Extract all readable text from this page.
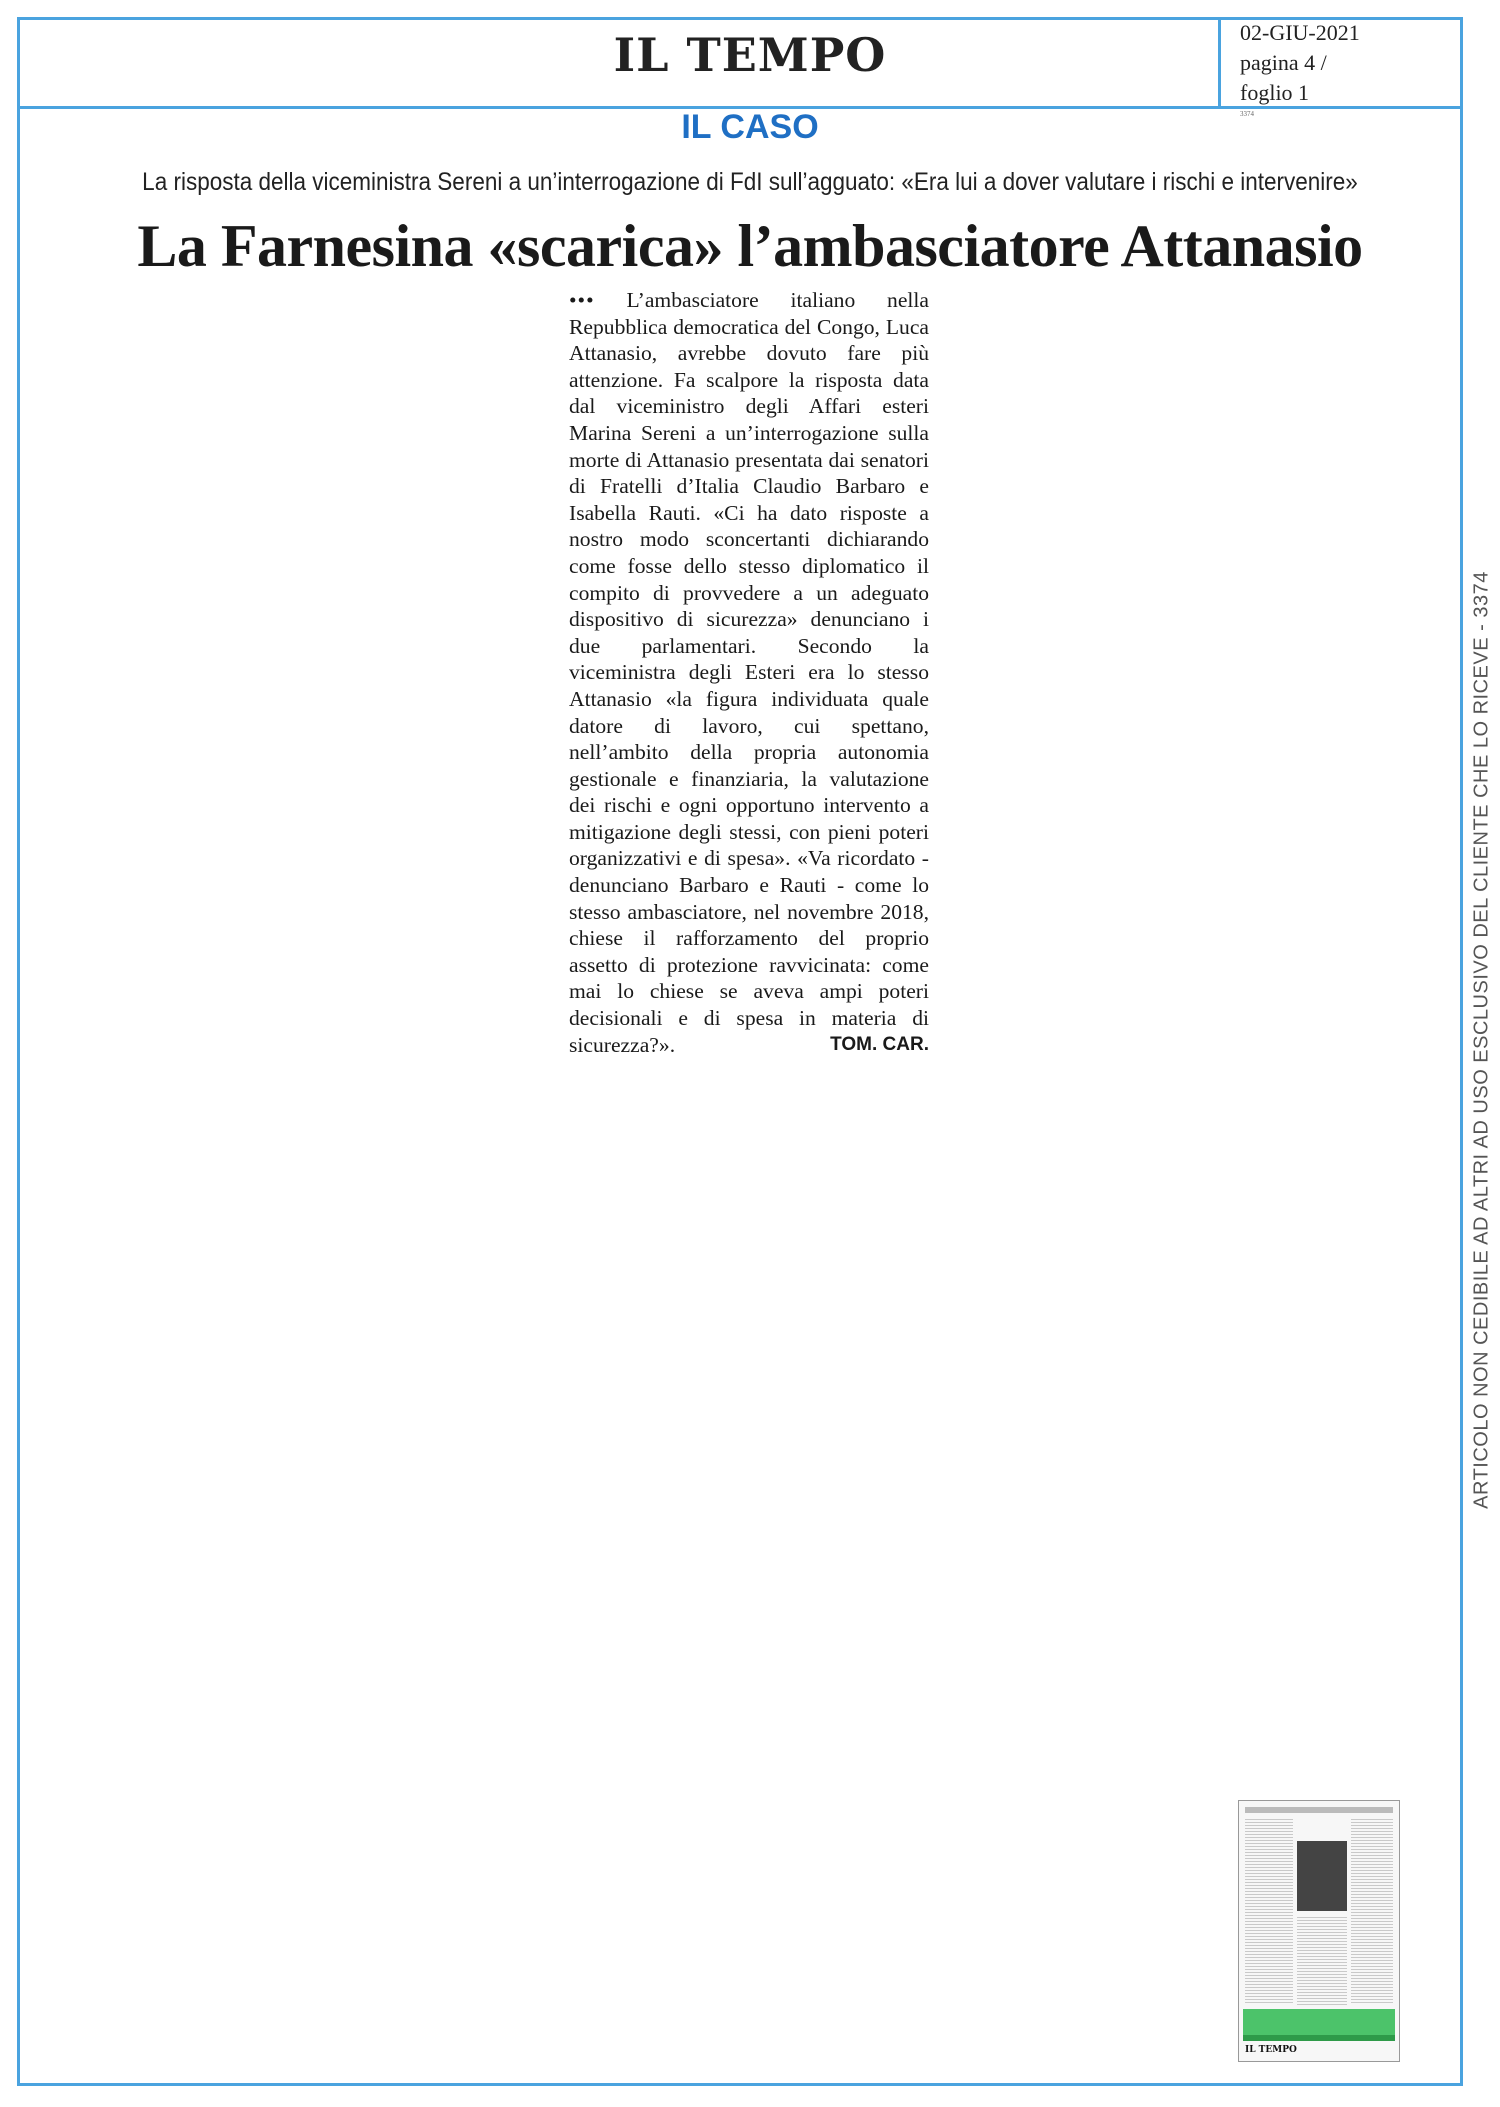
IL TEMPO	02-GIU-2021
pagina 4 /
foglio 1
3374
IL CASO
La risposta della viceministra Sereni a un’interrogazione di FdI sull’agguato: «Era lui a dover valutare i rischi e intervenire»
La Farnesina «scarica» l’ambasciatore Attanasio
••• L’ambasciatore italiano nella Repubblica democratica del Congo, Luca Attanasio, avrebbe dovuto fare più attenzione. Fa scalpore la risposta data dal viceministro degli Affari esteri Marina Sereni a un’interrogazione sulla morte di Attanasio presentata dai senatori di Fratelli d’Italia Claudio Barbaro e Isabella Rauti. «Ci ha dato risposte a nostro modo sconcertanti dichiarando come fosse dello stesso diplomatico il compito di provvedere a un adeguato dispositivo di sicurezza» denunciano i due parlamentari. Secondo la viceministra degli Esteri era lo stesso Attanasio «la figura individuata quale datore di lavoro, cui spettano, nell’ambito della propria autonomia gestionale e finanziaria, la valutazione dei rischi e ogni opportuno intervento a mitigazione degli stessi, con pieni poteri organizzativi e di spesa». «Va ricordato - denunciano Barbaro e Rauti - come lo stesso ambasciatore, nel novembre 2018, chiese il rafforzamento del proprio assetto di protezione ravvicinata: come mai lo chiese se aveva ampi poteri decisionali e di spesa in materia di sicurezza?».	TOM. CAR.	ARTICOLO NON CEDIBILE AD ALTRI AD USO ESCLUSIVO DEL CLIENTE CHE LO RICEVE - 3374
IL TEMPO
